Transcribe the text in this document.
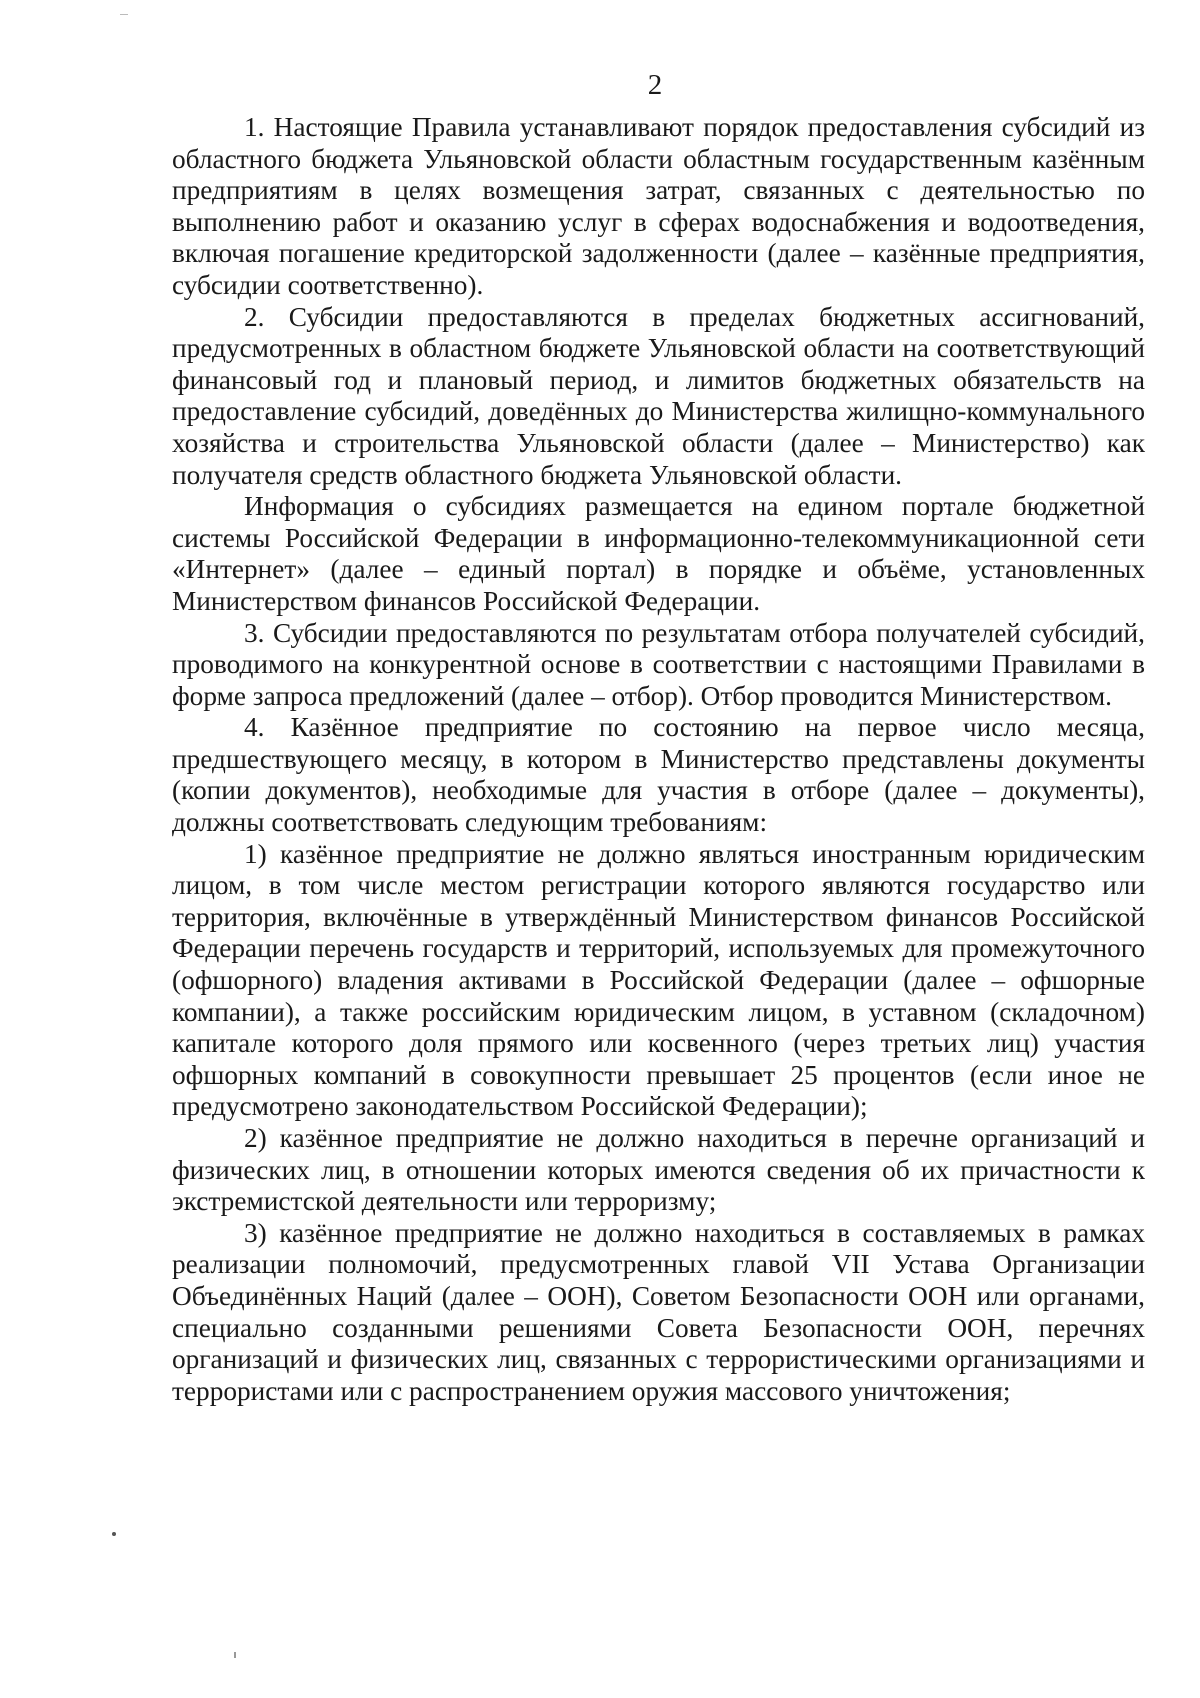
2

1. Настоящие Правила устанавливают порядок предоставления субсидий из областного бюджета Ульяновской области областным государственным казённым предприятиям в целях возмещения затрат, связанных с деятельностью по выполнению работ и оказанию услуг в сферах водоснабжения и водоотведения, включая погашение кредиторской задолженности (далее – казённые предприятия, субсидии соответственно).

2. Субсидии предоставляются в пределах бюджетных ассигнований, предусмотренных в областном бюджете Ульяновской области на соответствующий финансовый год и плановый период, и лимитов бюджетных обязательств на предоставление субсидий, доведённых до Министерства жилищно-коммунального хозяйства и строительства Ульяновской области (далее – Министерство) как получателя средств областного бюджета Ульяновской области.

Информация о субсидиях размещается на едином портале бюджетной системы Российской Федерации в информационно-телекоммуникационной сети «Интернет» (далее – единый портал) в порядке и объёме, установленных Министерством финансов Российской Федерации.

3. Субсидии предоставляются по результатам отбора получателей субсидий, проводимого на конкурентной основе в соответствии с настоящими Правилами в форме запроса предложений (далее – отбор). Отбор проводится Министерством.

4. Казённое предприятие по состоянию на первое число месяца, предшествующего месяцу, в котором в Министерство представлены документы (копии документов), необходимые для участия в отборе (далее – документы), должны соответствовать следующим требованиям:

1) казённое предприятие не должно являться иностранным юридическим лицом, в том числе местом регистрации которого являются государство или территория, включённые в утверждённый Министерством финансов Российской Федерации перечень государств и территорий, используемых для промежуточного (офшорного) владения активами в Российской Федерации (далее – офшорные компании), а также российским юридическим лицом, в уставном (складочном) капитале которого доля прямого или косвенного (через третьих лиц) участия офшорных компаний в совокупности превышает 25 процентов (если иное не предусмотрено законодательством Российской Федерации);

2) казённое предприятие не должно находиться в перечне организаций и физических лиц, в отношении которых имеются сведения об их причастности к экстремистской деятельности или терроризму;

3) казённое предприятие не должно находиться в составляемых в рамках реализации полномочий, предусмотренных главой VII Устава Организации Объединённых Наций (далее – ООН), Советом Безопасности ООН или органами, специально созданными решениями Совета Безопасности ООН, перечнях организаций и физических лиц, связанных с террористическими организациями и террористами или с распространением оружия массового уничтожения;
